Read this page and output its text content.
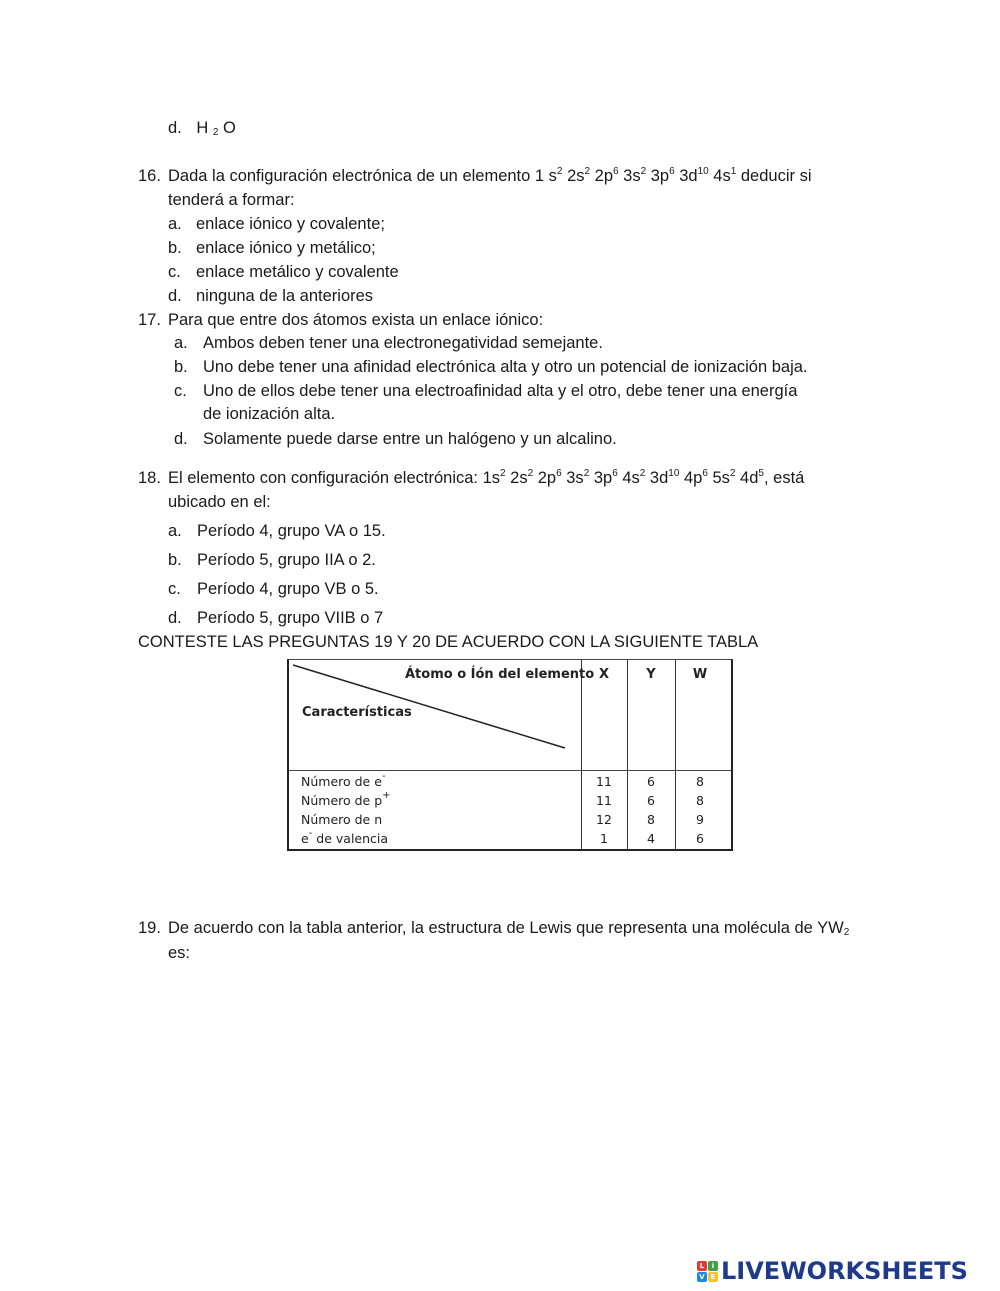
d. H $_2$ O
16. Dada la configuración electrónica de un elemento 1 $s^2$ $2s^2$ $2p^6$ $3s^2$ $3p^6$ $3d^{10}$ $4s^1$ deducir si
tenderá a formar:
a. enlace iónico y covalente;
b. enlace iónico y metálico;
c. enlace metálico y covalente
d. ninguna de la anteriores
17. Para que entre dos átomos exista un enlace iónico:
a. Ambos deben tener una electronegatividad semejante.
b. Uno debe tener una afinidad electrónica alta y otro un potencial de ionización baja.
c. Uno de ellos debe tener una electroafinidad alta y el otro, debe tener una energía
de ionización alta.
d. Solamente puede darse entre un halógeno y un alcalino.
18. El elemento con configuración electrónica: $1s^2$ $2s^2$ $2p^6$ $3s^2$ $3p^6$ $4s^2$ $3d^{10}$ $4p^6$ $5s^2$ $4d^5$, está
ubicado en el:
a. Período 4, grupo VA o 15.
b. Período 5, grupo IIA o 2.
c. Período 4, grupo VB o 5.
d. Período 5, grupo VIIB o 7
CONTESTE LAS PREGUNTAS 19 Y 20 DE ACUERDO CON LA SIGUIENTE TABLA
Átomo o Íón del elemento
Características
X	Y	W
Número de e-	11	6	8
Número de p+	11	6	8
Número de n	12	8	9
e- de valencia	1	4	6
19. De acuerdo con la tabla anterior, la estructura de Lewis que representa una molécula de $YW_2$
es:
L	i
V E LIVEWORKSHEETS
